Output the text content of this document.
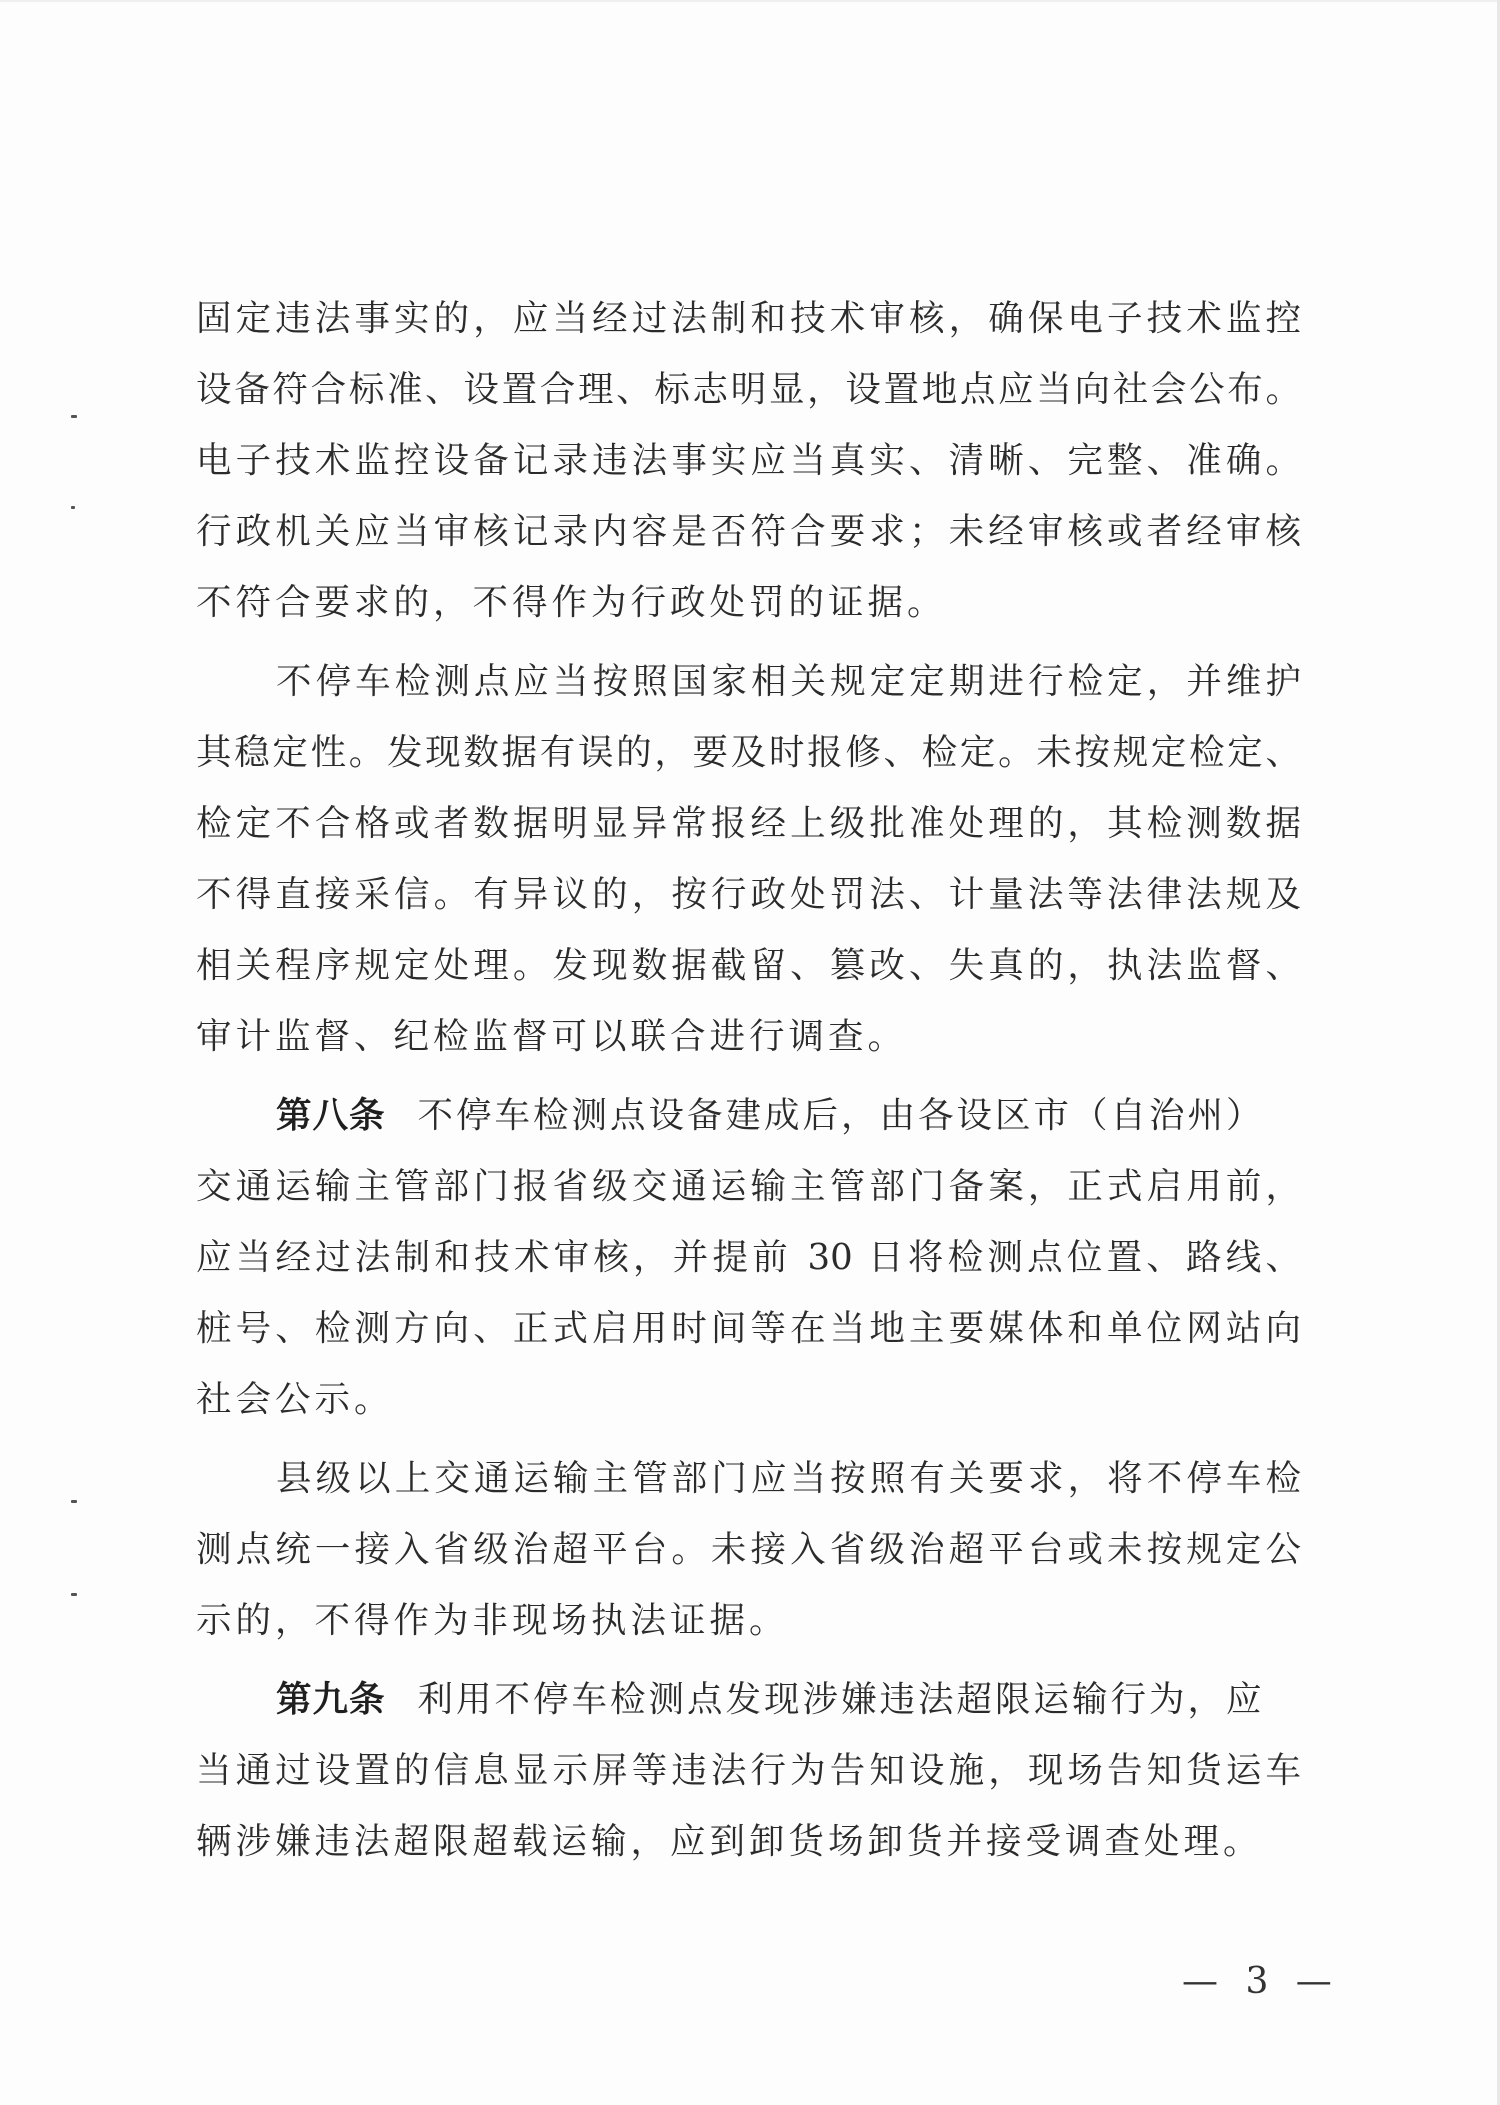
固定违法事实的，应当经过法制和技术审核，确保电子技术监控
设备符合标准、设置合理、标志明显，设置地点应当向社会公布。
电子技术监控设备记录违法事实应当真实、清晰、完整、准确。
行政机关应当审核记录内容是否符合要求；未经审核或者经审核
不符合要求的，不得作为行政处罚的证据。
不停车检测点应当按照国家相关规定定期进行检定，并维护
其稳定性。发现数据有误的，要及时报修、检定。未按规定检定、
检定不合格或者数据明显异常报经上级批准处理的，其检测数据
不得直接采信。有异议的，按行政处罚法、计量法等法律法规及
相关程序规定处理。发现数据截留、篡改、失真的，执法监督、
审计监督、纪检监督可以联合进行调查。
第八条 不停车检测点设备建成后，由各设区市（自治州）
交通运输主管部门报省级交通运输主管部门备案，正式启用前，
应当经过法制和技术审核，并提前 30 日将检测点位置、路线、
桩号、检测方向、正式启用时间等在当地主要媒体和单位网站向
社会公示。
县级以上交通运输主管部门应当按照有关要求，将不停车检
测点统一接入省级治超平台。未接入省级治超平台或未按规定公
示的，不得作为非现场执法证据。
第九条 利用不停车检测点发现涉嫌违法超限运输行为，应
当通过设置的信息显示屏等违法行为告知设施，现场告知货运车
辆涉嫌违法超限超载运输，应到卸货场卸货并接受调查处理。
— 3 —
